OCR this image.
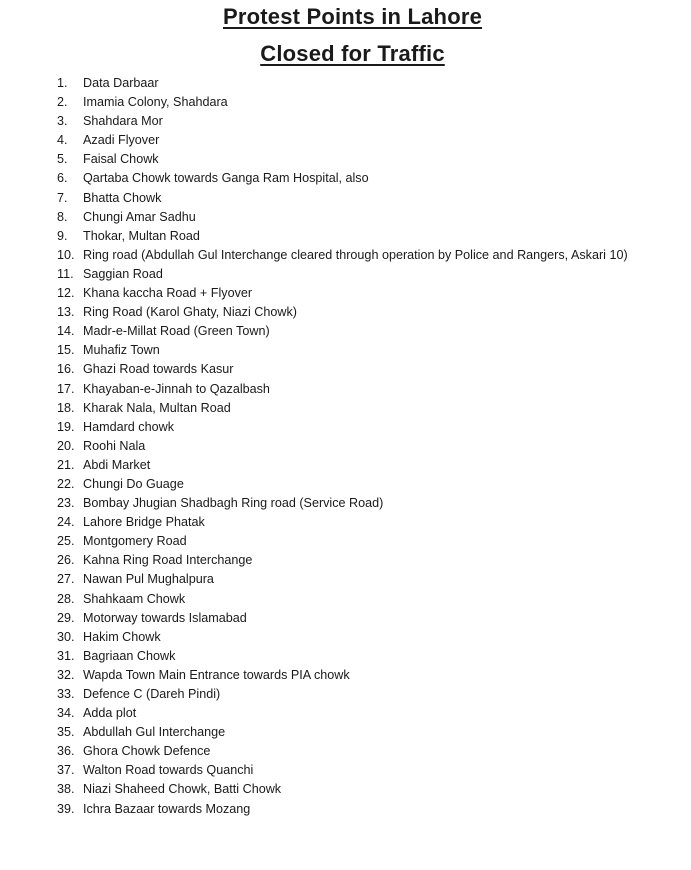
Protest Points in Lahore
Closed for Traffic
1. Data Darbaar
2. Imamia Colony, Shahdara
3. Shahdara Mor
4. Azadi Flyover
5. Faisal Chowk
6. Qartaba Chowk towards Ganga Ram Hospital, also
7. Bhatta Chowk
8. Chungi Amar Sadhu
9. Thokar, Multan Road
10. Ring road (Abdullah Gul Interchange cleared through operation by Police and Rangers, Askari 10)
11. Saggian Road
12. Khana kaccha Road + Flyover
13. Ring Road (Karol Ghaty, Niazi Chowk)
14. Madr-e-Millat Road (Green Town)
15. Muhafiz Town
16. Ghazi Road towards Kasur
17. Khayaban-e-Jinnah to Qazalbash
18. Kharak Nala, Multan Road
19. Hamdard chowk
20. Roohi Nala
21. Abdi Market
22. Chungi Do Guage
23. Bombay Jhugian Shadbagh Ring road (Service Road)
24. Lahore Bridge Phatak
25. Montgomery Road
26. Kahna Ring Road Interchange
27. Nawan Pul Mughalpura
28. Shahkaam Chowk
29. Motorway towards Islamabad
30. Hakim Chowk
31. Bagriaan Chowk
32. Wapda Town Main Entrance towards PIA chowk
33. Defence C (Dareh Pindi)
34. Adda plot
35. Abdullah Gul Interchange
36. Ghora Chowk Defence
37. Walton Road towards Quanchi
38. Niazi Shaheed Chowk, Batti Chowk
39. Ichra Bazaar towards Mozang
